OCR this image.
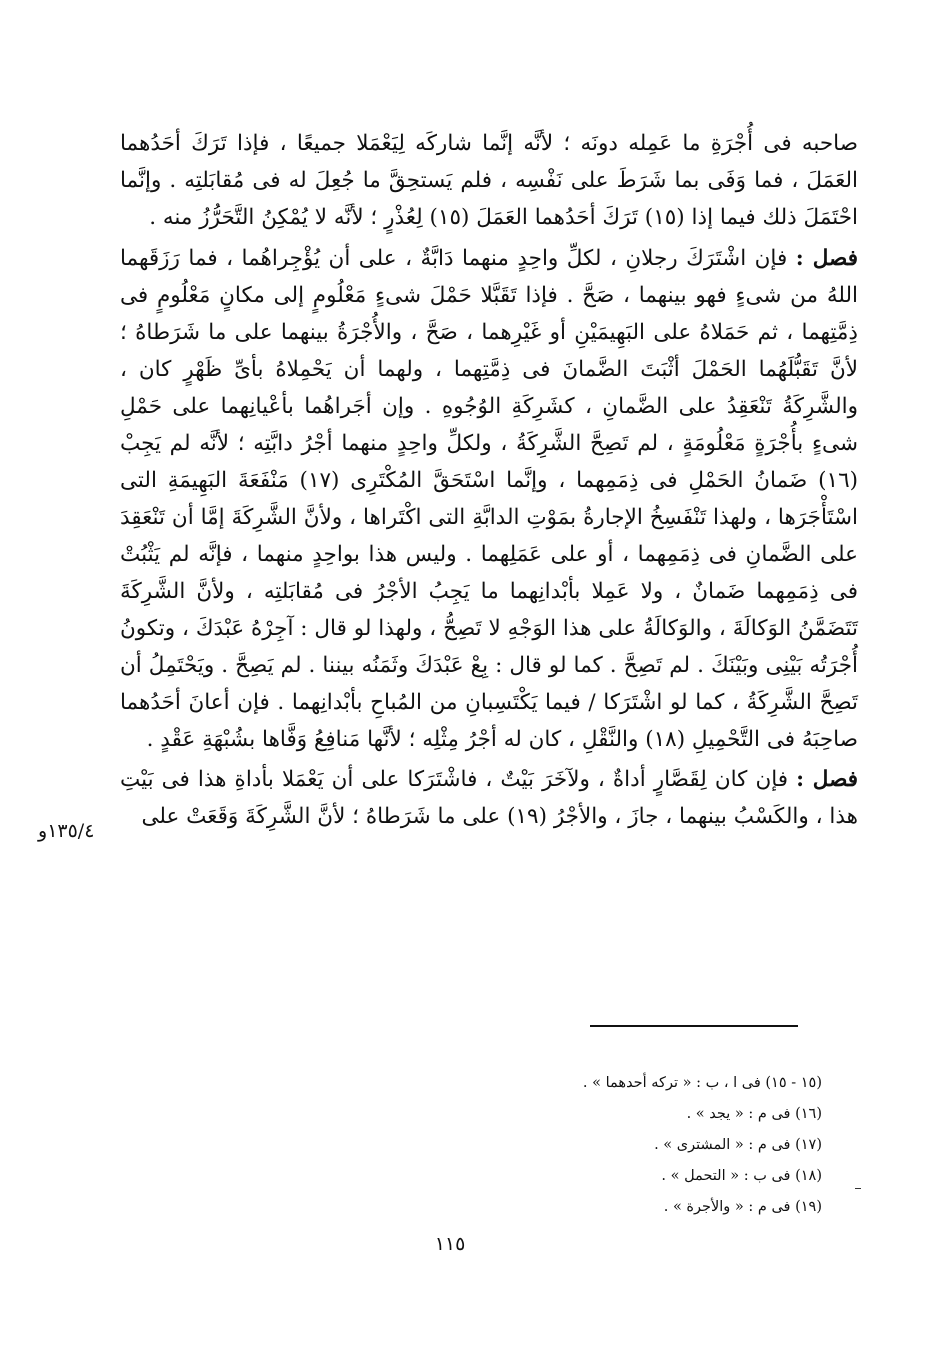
صاحبه فى أُجْرَةِ ما عَمِله دونَه ؛ لأنَّه إنَّما شاركَه لِيَعْمَلا جميعًا ، فإذا تَرَكَ أحَدُهما العَمَلَ ، فما وَفَى بما شَرَطَ على نَفْسِه ، فلم يَستحِقَّ ما جُعِلَ له فى مُقابَلتِه . وإنَّما احْتَمَلَ ذلك فيما إذا (١٥) تَرَكَ أحَدُهما العَمَلَ (١٥) لِعُذْرٍ ؛ لأنَّه لا يُمْكِنُ التَّحَرُّزُ منه .

فصل : فإن اشْتَرَكَ رجلانِ ، لكلِّ واحِدٍ منهما دَابَّةٌ ، على أن يُؤْجِراهُما ، فما رَزَقَهما اللهُ من شىءٍ فهو بينهما ، صَحَّ . فإذا تَقَبَّلا حَمْلَ شىءٍ مَعْلُومٍ إلى مكانٍ مَعْلُومٍ فى ذِمَّتِهما ، ثم حَمَلاهُ على البَهِيمَيْنِ أو غَيْرِهما ، صَحَّ ، والأُجْرَةُ بينهما على ما شَرَطاهُ ؛ لأنَّ تَقَبُّلَهُما الحَمْلَ أثْبَتَ الضَّمانَ فى ذِمَّتِهما ، ولهما أن يَحْمِلاهُ بأىِّ ظَهْرٍ كان ، والشَّرِكَةُ تَنْعَقِدُ على الضَّمانِ ، كشَرِكَةِ الوُجُوهِ . وإن أجَراهُما بأعْيانِهما على حَمْلِ شىءٍ بأُجْرَةٍ مَعْلُومَةٍ ، لم تَصِحَّ الشَّرِكَةُ ، ولكلِّ واحِدٍ منهما أجْرُ دابَّتِه ؛ لأنَّه لم يَجِبْ (١٦) ضَمانُ الحَمْلِ فى ذِمَمِهما ، وإنَّما اسْتَحَقَّ المُكْتَرِى (١٧) مَنْفَعَةَ البَهِيمَةِ التى اسْتَأْجَرَها ، ولهذا تَنْفَسِخُ الإجارةُ بمَوْتِ الدابَّةِ التى اكْتَراها ، ولأنَّ الشَّرِكَةَ إمَّا أن تَنْعَقِدَ على الضَّمانِ فى ذِمَمِهما ، أو على عَمَلِهما . وليس هذا بواحِدٍ منهما ، فإنَّه لم يَثْبُتْ فى ذِمَمِهما ضَمانٌ ، ولا عَمِلا بأبْدانِهما ما يَجِبُ الأجْرُ فى مُقابَلتِه ، ولأنَّ الشَّرِكَةَ تَتَضَمَّنُ الوَكالَةَ ، والوَكالَةُ على هذا الوَجْهِ لا تَصِحُّ ، ولهذا لو قال : آجِرْهُ عَبْدَكَ ، وتكونُ أُجْرَتُه بَيْنِى وبَيْنَكَ . لم تَصِحَّ . كما لو قال : بِعْ عَبْدَكَ وثَمَنُه بيننا . لم يَصِحَّ . ويَحْتَمِلُ أن تَصِحَّ الشَّرِكَةُ ، كما لو اشْتَرَكا / فيما يَكْتَسِبانِ من المُباحِ بأبْدانِهما . فإن أعانَ أحَدُهما صاحِبَهُ فى التَّحْمِيلِ (١٨) والنَّقْلِ ، كان له أجْرُ مِثْلِه ؛ لأنَّها مَنافِعُ وَفَّاها بشُبْهَةِ عَقْدٍ .

فصل : فإن كان لِقَصَّارٍ أداةٌ ، ولآخَرَ بَيْتٌ ، فاشْتَرَكا على أن يَعْمَلا بأداةِ هذا فى بَيْتِ هذا ، والكَسْبُ بينهما ، جازَ ، والأجْرُ (١٩) على ما شَرَطاهُ ؛ لأنَّ الشَّرِكَةَ وَقَعَتْ على

١٣٥/٤و
(١٥ - ١٥) فى ا ، ب : « تركه أحدهما » .
(١٦) فى م : « يجد » .
(١٧) فى م : « المشترى » .
(١٨) فى ب : « التحمل » .
(١٩) فى م : « والأجرة » .
١١٥
